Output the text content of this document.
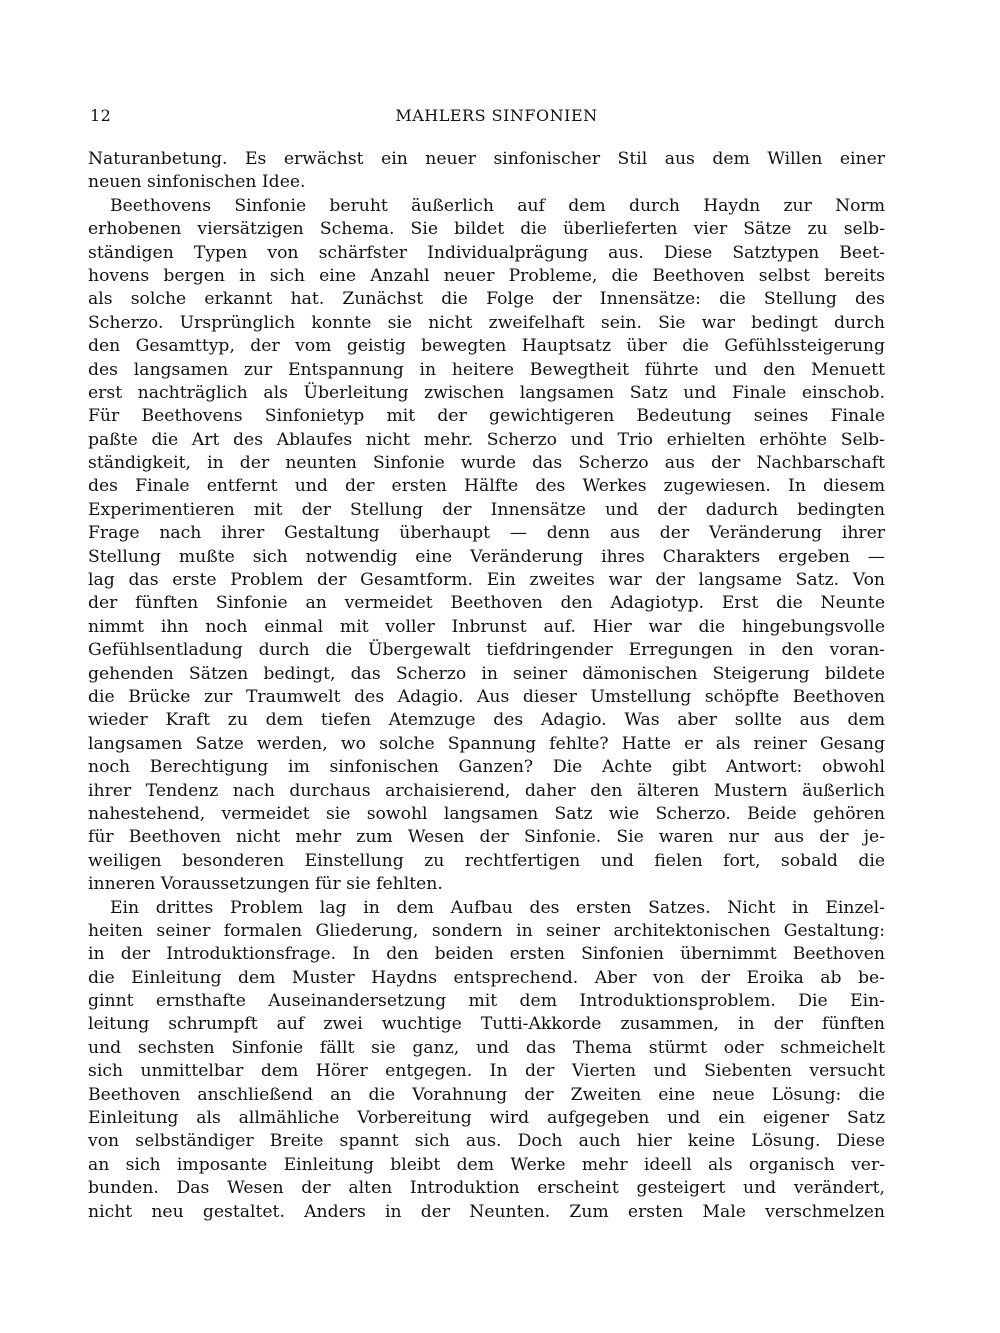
12	MAHLERS SINFONIEN
Naturanbetung. Es erwächst ein neuer sinfonischer Stil aus dem Willen einer
neuen sinfonischen Idee.
Beethovens Sinfonie beruht äußerlich auf dem durch Haydn zur Norm
erhobenen viersätzigen Schema. Sie bildet die überlieferten vier Sätze zu selb-
ständigen Typen von schärfster Individualprägung aus. Diese Satztypen Beet-
hovens bergen in sich eine Anzahl neuer Probleme, die Beethoven selbst bereits
als solche erkannt hat. Zunächst die Folge der Innensätze: die Stellung des
Scherzo. Ursprünglich konnte sie nicht zweifelhaft sein. Sie war bedingt durch
den Gesamttyp, der vom geistig bewegten Hauptsatz über die Gefühlssteigerung
des langsamen zur Entspannung in heitere Bewegtheit führte und den Menuett
erst nachträglich als Überleitung zwischen langsamen Satz und Finale einschob.
Für Beethovens Sinfonietyp mit der gewichtigeren Bedeutung seines Finale
paßte die Art des Ablaufes nicht mehr. Scherzo und Trio erhielten erhöhte Selb-
ständigkeit, in der neunten Sinfonie wurde das Scherzo aus der Nachbarschaft
des Finale entfernt und der ersten Hälfte des Werkes zugewiesen. In diesem
Experimentieren mit der Stellung der Innensätze und der dadurch bedingten
Frage nach ihrer Gestaltung überhaupt — denn aus der Veränderung ihrer
Stellung mußte sich notwendig eine Veränderung ihres Charakters ergeben —
lag das erste Problem der Gesamtform. Ein zweites war der langsame Satz. Von
der fünften Sinfonie an vermeidet Beethoven den Adagiotyp. Erst die Neunte
nimmt ihn noch einmal mit voller Inbrunst auf. Hier war die hingebungsvolle
Gefühlsentladung durch die Übergewalt tiefdringender Erregungen in den voran-
gehenden Sätzen bedingt, das Scherzo in seiner dämonischen Steigerung bildete
die Brücke zur Traumwelt des Adagio. Aus dieser Umstellung schöpfte Beethoven
wieder Kraft zu dem tiefen Atemzuge des Adagio. Was aber sollte aus dem
langsamen Satze werden, wo solche Spannung fehlte? Hatte er als reiner Gesang
noch Berechtigung im sinfonischen Ganzen? Die Achte gibt Antwort: obwohl
ihrer Tendenz nach durchaus archaisierend, daher den älteren Mustern äußerlich
nahestehend, vermeidet sie sowohl langsamen Satz wie Scherzo. Beide gehören
für Beethoven nicht mehr zum Wesen der Sinfonie. Sie waren nur aus der je-
weiligen besonderen Einstellung zu rechtfertigen und fielen fort, sobald die
inneren Voraussetzungen für sie fehlten.
Ein drittes Problem lag in dem Aufbau des ersten Satzes. Nicht in Einzel-
heiten seiner formalen Gliederung, sondern in seiner architektonischen Gestaltung:
in der Introduktionsfrage. In den beiden ersten Sinfonien übernimmt Beethoven
die Einleitung dem Muster Haydns entsprechend. Aber von der Eroika ab be-
ginnt ernsthafte Auseinandersetzung mit dem Introduktionsproblem. Die Ein-
leitung schrumpft auf zwei wuchtige Tutti-Akkorde zusammen, in der fünften
und sechsten Sinfonie fällt sie ganz, und das Thema stürmt oder schmeichelt
sich unmittelbar dem Hörer entgegen. In der Vierten und Siebenten versucht
Beethoven anschließend an die Vorahnung der Zweiten eine neue Lösung: die
Einleitung als allmähliche Vorbereitung wird aufgegeben und ein eigener Satz
von selbständiger Breite spannt sich aus. Doch auch hier keine Lösung. Diese
an sich imposante Einleitung bleibt dem Werke mehr ideell als organisch ver-
bunden. Das Wesen der alten Introduktion erscheint gesteigert und verändert,
nicht neu gestaltet. Anders in der Neunten. Zum ersten Male verschmelzen
